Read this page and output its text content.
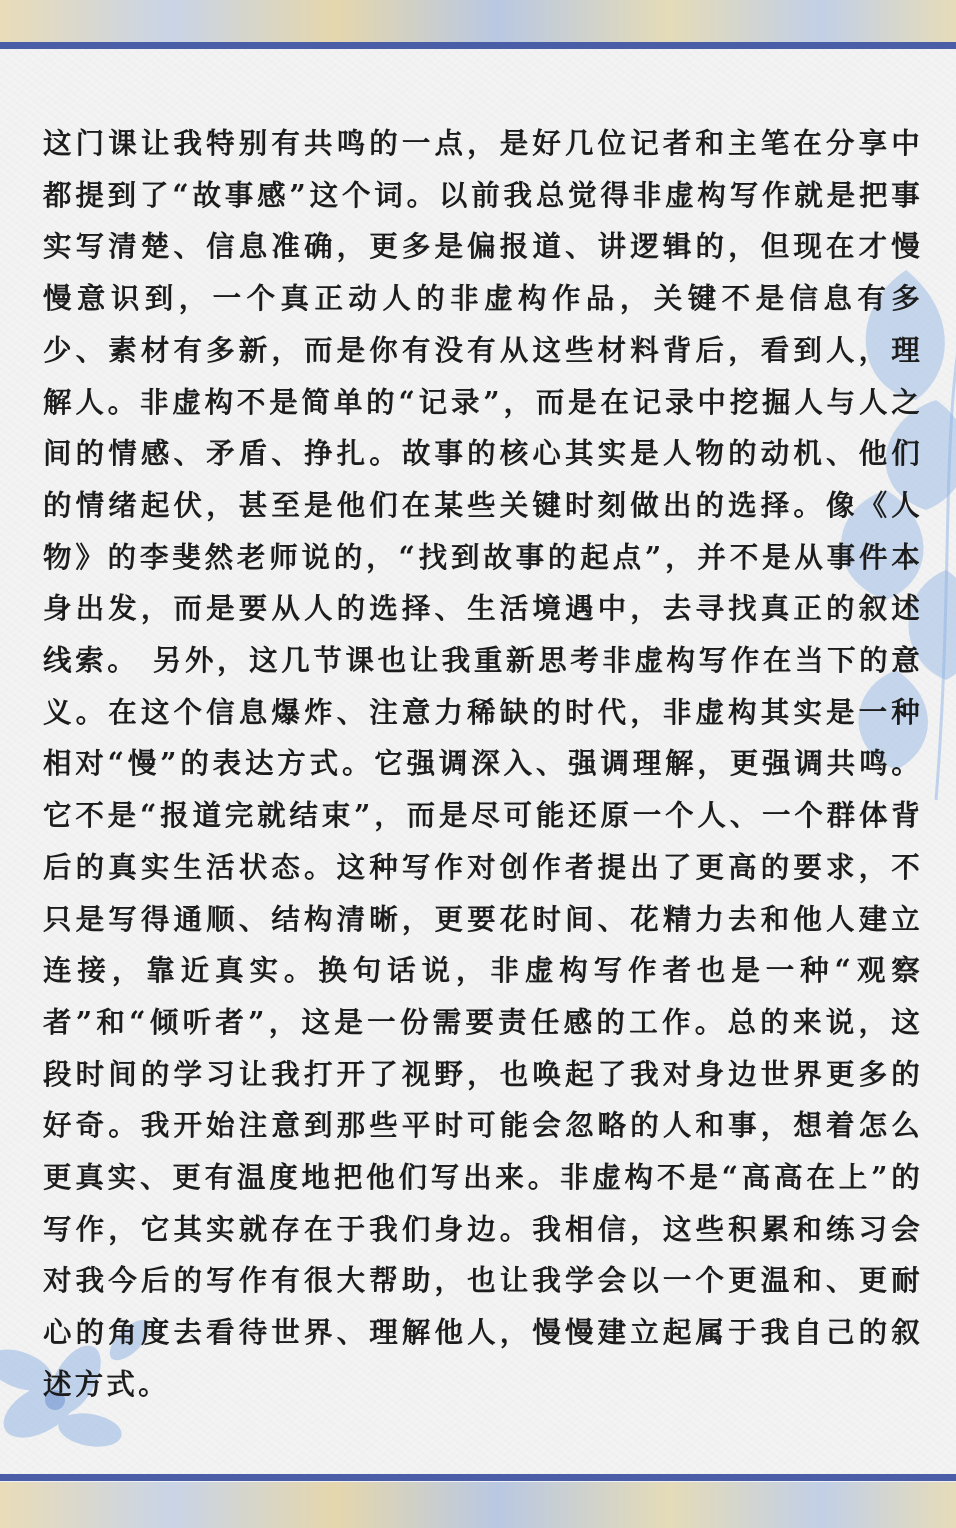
这门课让我特别有共鸣的一点，是好几位记者和主笔在分享中都提到了“故事感”这个词。以前我总觉得非虚构写作就是把事实写清楚、信息准确，更多是偏报道、讲逻辑的，但现在才慢慢意识到，一个真正动人的非虚构作品，关键不是信息有多少、素材有多新，而是你有没有从这些材料背后，看到人，理解人。非虚构不是简单的“记录”，而是在记录中挖掘人与人之间的情感、矛盾、挣扎。故事的核心其实是人物的动机、他们的情绪起伏，甚至是他们在某些关键时刻做出的选择。像《人物》的李斐然老师说的，“找到故事的起点”，并不是从事件本身出发，而是要从人的选择、生活境遇中，去寻找真正的叙述线索。 另外，这几节课也让我重新思考非虚构写作在当下的意义。在这个信息爆炸、注意力稀缺的时代，非虚构其实是一种相对“慢”的表达方式。它强调深入、强调理解，更强调共鸣。它不是“报道完就结束”，而是尽可能还原一个人、一个群体背后的真实生活状态。这种写作对创作者提出了更高的要求，不只是写得通顺、结构清晰，更要花时间、花精力去和他人建立连接，靠近真实。换句话说，非虚构写作者也是一种“观察者”和“倾听者”，这是一份需要责任感的工作。总的来说，这段时间的学习让我打开了视野，也唤起了我对身边世界更多的好奇。我开始注意到那些平时可能会忽略的人和事，想着怎么更真实、更有温度地把他们写出来。非虚构不是“高高在上”的写作，它其实就存在于我们身边。我相信，这些积累和练习会对我今后的写作有很大帮助，也让我学会以一个更温和、更耐心的角度去看待世界、理解他人，慢慢建立起属于我自己的叙述方式。
